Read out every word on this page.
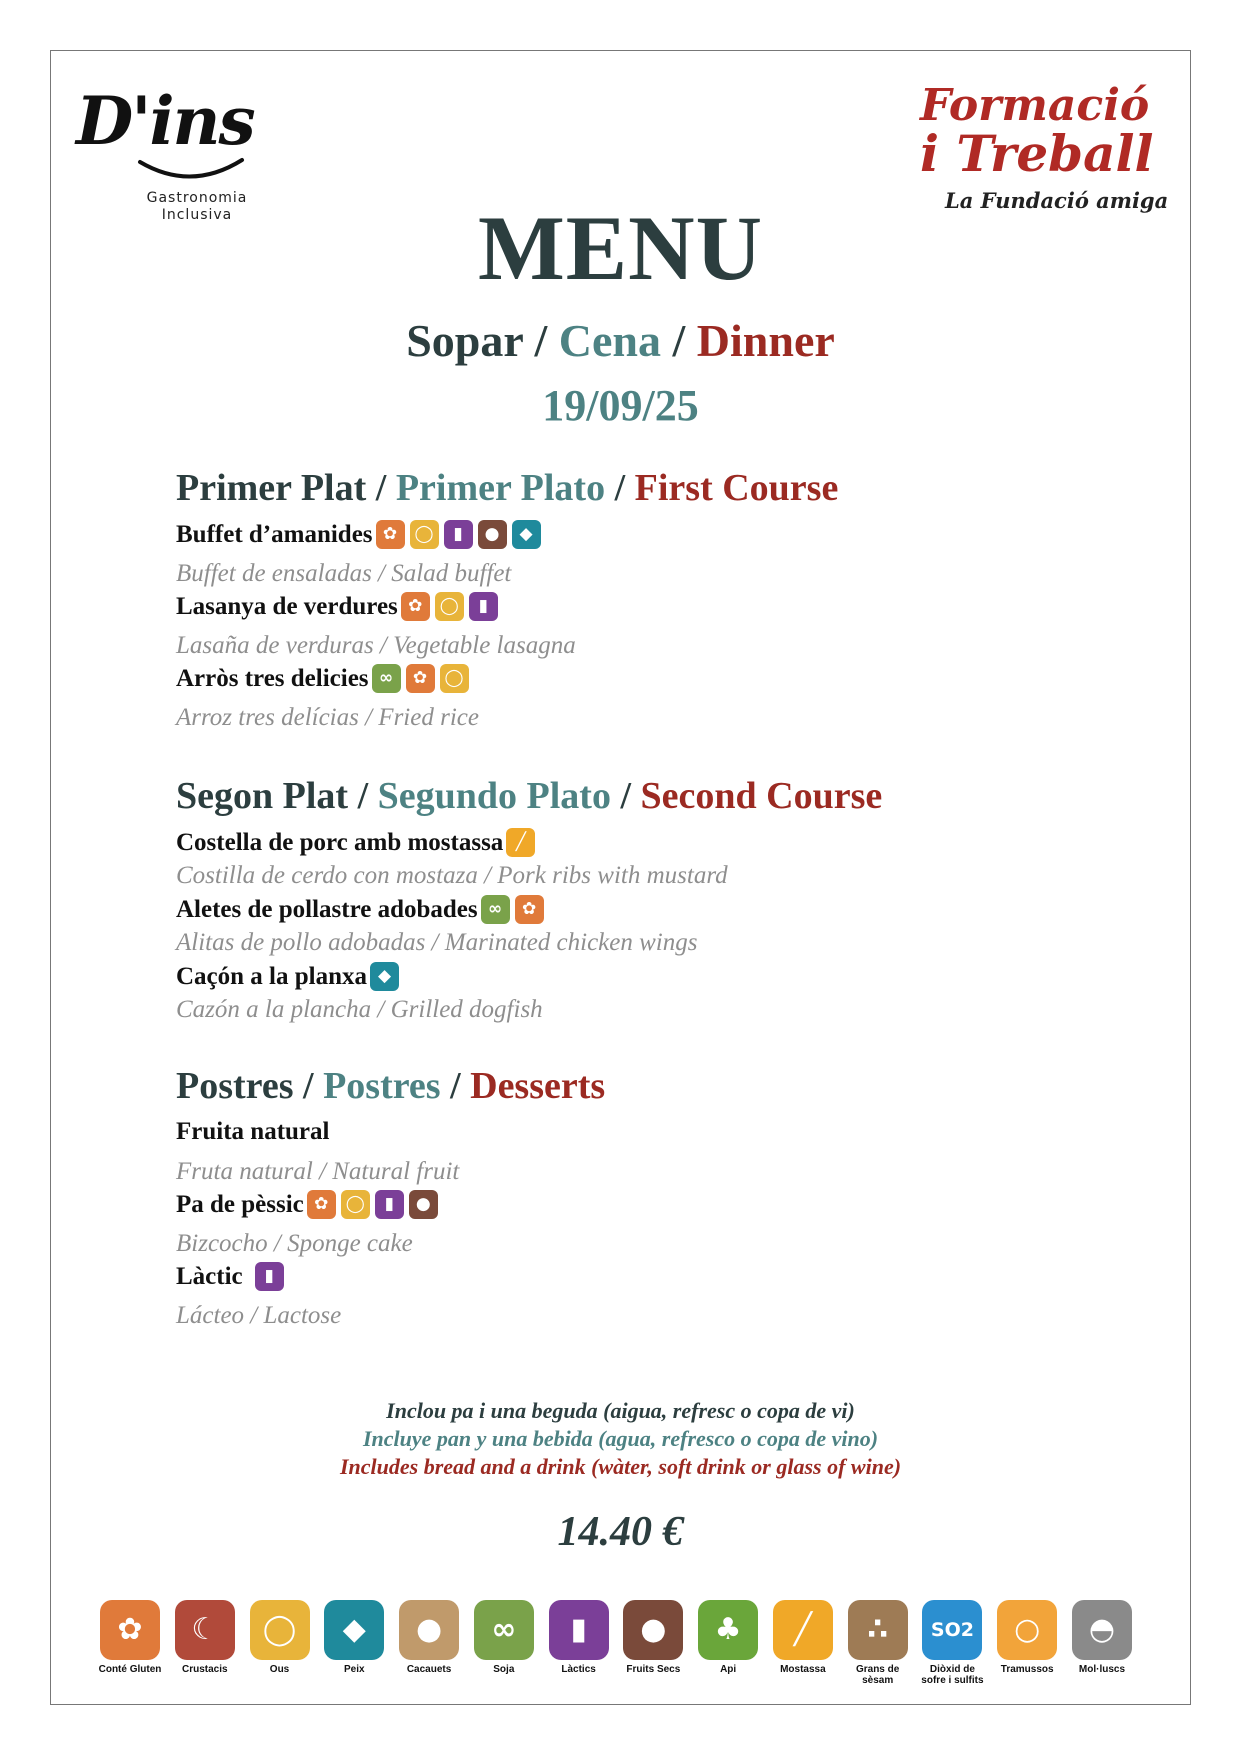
D'ins
Gastronomia
Inclusiva
Formació
i Treball
La Fundació amiga
MENU
Sopar / Cena / Dinner
19/09/25
Primer Plat / Primer Plato / First Course
Buffet d’amanides ✿	◯	▮	●	◆
Buffet de ensaladas / Salad buffet
Lasanya de verdures ✿	◯	▮
Lasaña de verduras / Vegetable lasagna
Arròs tres delicies ∞	✿	◯
Arroz tres delícias / Fried rice
Segon Plat / Segundo Plato / Second Course
Costella de porc amb mostassa ╱
Costilla de cerdo con mostaza / Pork ribs with mustard
Aletes de pollastre adobades ∞	✿
Alitas de pollo adobadas / Marinated chicken wings
Caçón a la planxa ◆
Cazón a la plancha / Grilled dogfish
Postres / Postres / Desserts
Fruita natural
Fruta natural / Natural fruit
Pa de pèssic ✿	◯	▮	●
Bizcocho / Sponge cake
Làctic	▮
Lácteo / Lactose
Inclou pa i una beguda (aigua, refresc o copa de vi)
Incluye pan y una bebida (agua, refresco o copa de vino)
Includes bread and a drink (wàter, soft drink or glass of wine)
14.40 €
✿
Conté Gluten
☾
Crustacis
◯
Ous
◆
Peix
●
Cacauets
∞
Soja
▮
Làctics
●
Fruits Secs
♣
Api
╱
Mostassa
∴
Grans de sèsam
SO2
Diòxid de sofre i sulfits
○
Tramussos
◓
Mol·luscs
